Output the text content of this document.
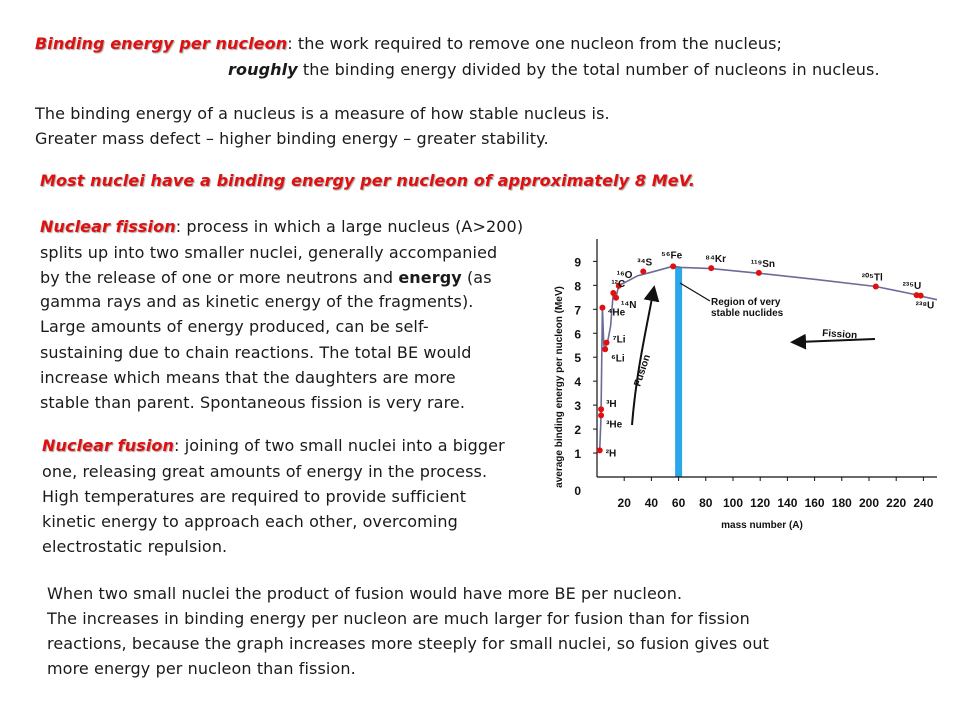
Binding energy per nucleon: the work required to remove one nucleon from the nucleus;
roughly the binding energy divided by the total number of nucleons in nucleus.
The binding energy of a nucleus is a measure of how stable nucleus is.
Greater mass defect – higher binding energy – greater stability.
Most nuclei have a binding energy per nucleon of approximately 8 MeV.
Nuclear fission: process in which a large nucleus (A>200)
splits up into two smaller nuclei, generally accompanied
by the release of one or more neutrons and energy (as
gamma rays and as kinetic energy of the fragments).
Large amounts of energy produced, can be self-
sustaining due to chain reactions. The total BE would
increase which means that the daughters are more
stable than parent. Spontaneous fission is very rare.
Nuclear fusion: joining of two small nuclei into a bigger
one, releasing great amounts of energy in the process.
High temperatures are required to provide sufficient
kinetic energy to approach each other, overcoming
electrostatic repulsion.
When two small nuclei the product of fusion would have more BE per nucleon.
The increases in binding energy per nucleon are much larger for fusion than for fission
reactions, because the graph increases more steeply for small nuclei, so fusion gives out
more energy per nucleon than fission.
20 40 60 80 100 120 140 160 180 200 220 240
1
2
3
4
5
6
7
8
9
0
mass number (A)
average binding energy per nucleon (MeV)	²H
³He
³H
⁴He
⁶Li
⁷Li
¹²C
¹⁴N
¹⁶O
³⁴S
⁵⁶Fe ⁸⁴Kr ¹¹⁹Sn
²⁰⁵Tl
²³⁵U
²³⁸U
Region of very
stable nuclides
Fission
Fusion
